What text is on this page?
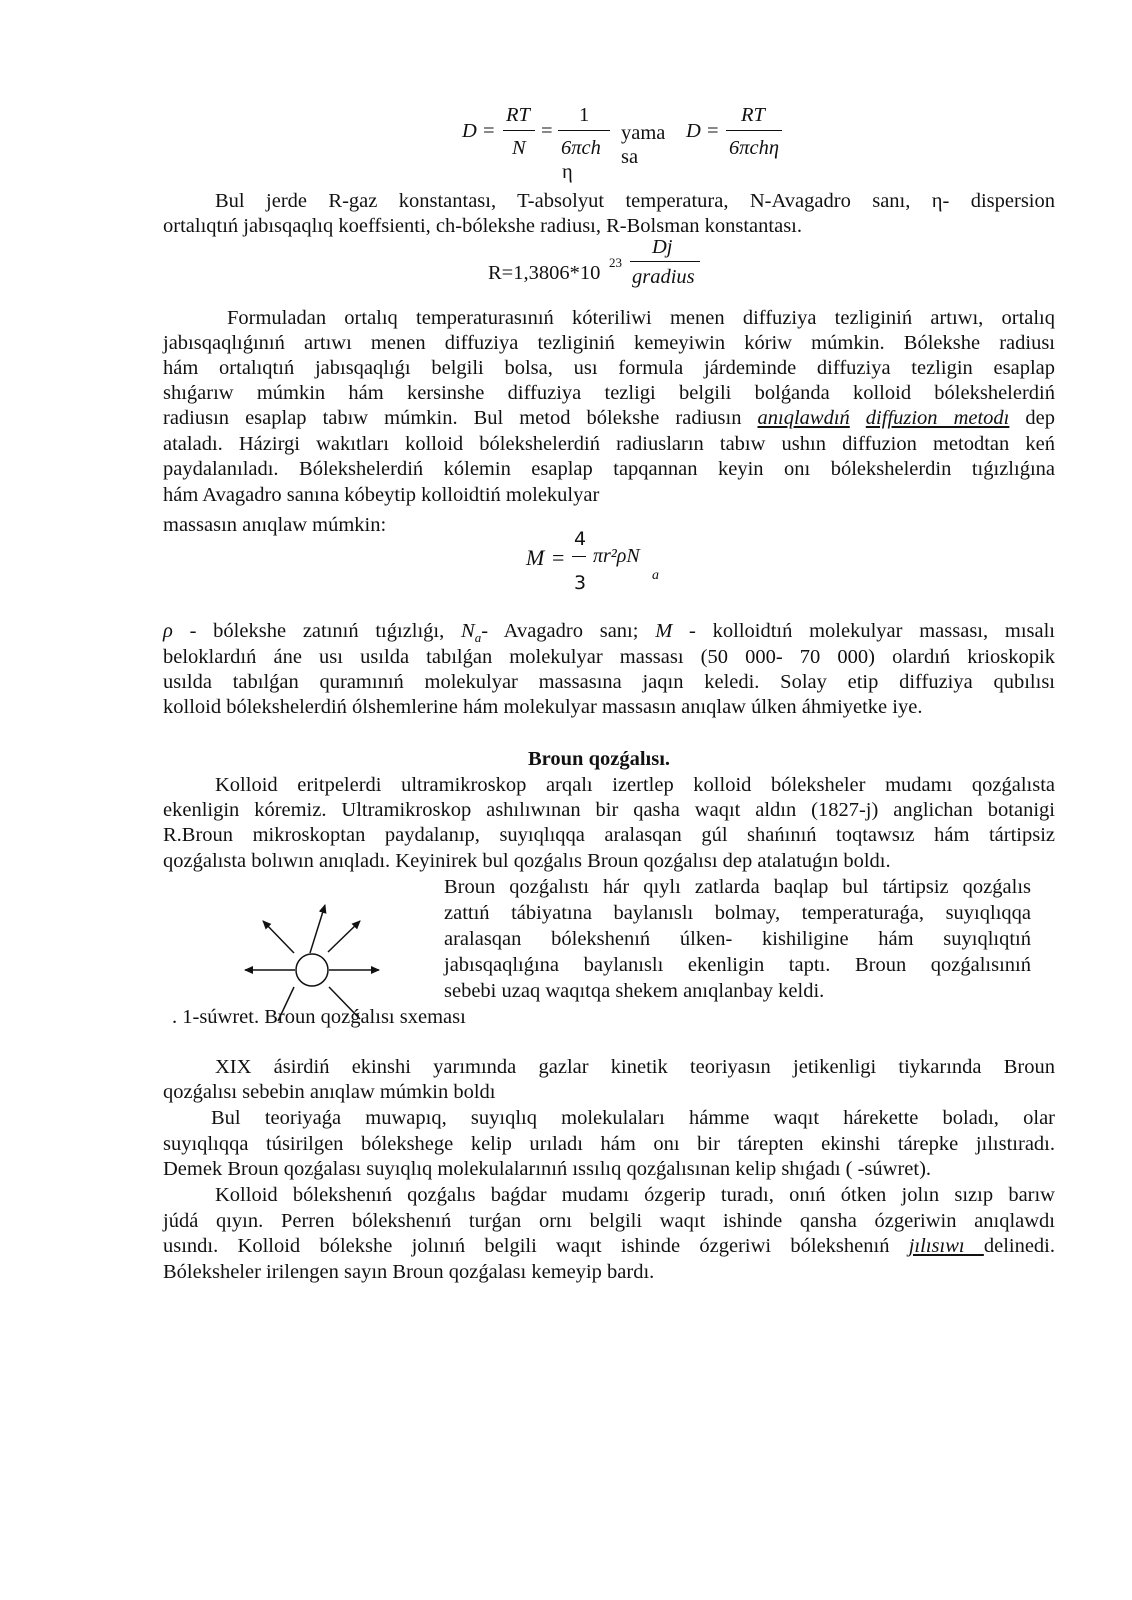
D =
RT
N
=
1
6πch
η
yama
sa
D =
RT
6πchη
Bul jerde R-gaz konstantası, T-absolyut temperatura, N-Avagadro sanı, η- dispersion
ortalıqtıń jabısqaqlıq koeffsienti, ch-bólekshe radiusı, R-Bolsman konstantası.
R=1,3806*10 23
Dj
gradius
Formuladan ortalıq temperaturasınıń kóteriliwi menen diffuziya tezliginiń artıwı, ortalıq
jabısqaqlıǵınıń artıwı menen diffuziya tezliginiń kemeyiwin kóriw múmkin. Bólekshe radiusı
hám ortalıqtıń jabısqaqlıǵı belgili bolsa, usı formula járdeminde diffuziya tezligin esaplap
shıǵarıw múmkin hám kersinshe diffuziya tezligi belgili bolǵanda kolloid bólekshelerdiń
radiusın esaplap tabıw múmkin. Bul metod bólekshe radiusın anıqlawdıń diffuzion metodı dep
ataladı. Házirgi wakıtları kolloid bólekshelerdiń radiusların tabıw ushın diffuzion metodtan keń
paydalanıladı. Bólekshelerdiń kólemin esaplap tapqannan keyin onı bólekshelerdin tıǵızlıǵına
hám Avagadro sanına kóbeytip kolloidtiń molekulyar
massasın anıqlaw múmkin:
M =
4
3
πr²ρN
a
ρ - bólekshe zatınıń tıǵızlıǵı, $N_a-$ Avagadro sanı; M - kolloidtıń molekulyar massası, mısalı
beloklardıń áne usı usılda tabılǵan molekulyar massası (50 000- 70 000) olardıń krioskopik
usılda tabılǵan quramınıń molekulyar massasına jaqın keledi. Solay etip diffuziya qubılısı
kolloid bólekshelerdiń ólshemlerine hám molekulyar massasın anıqlaw úlken áhmiyetke iye.
Broun qozǵalısı.
Kolloid eritpelerdi ultramikroskop arqalı izertlep kolloid bóleksheler mudamı qozǵalısta
ekenligin kóremiz. Ultramikroskop ashılıwınan bir qasha waqıt aldın (1827-j) anglichan botanigi
R.Broun mikroskoptan paydalanıp, suyıqlıqqa aralasqan gúl shańınıń toqtawsız hám tártipsiz
qozǵalısta bolıwın anıqladı. Keyinirek bul qozǵalıs Broun qozǵalısı dep atalatuǵın boldı.
Broun qozǵalıstı hár qıylı zatlarda baqlap bul tártipsiz qozǵalıs
zattıń tábiyatına baylanıslı bolmay, temperaturaǵa, suyıqlıqqa
aralasqan bólekshenıń úlken- kishiligine hám suyıqlıqtıń
jabısqaqlıǵına baylanıslı ekenligin taptı. Broun qozǵalısınıń
sebebi uzaq waqıtqa shekem anıqlanbay keldi.
. 1-súwret. Broun qozǵalısı sxeması
XIX ásirdiń ekinshi yarımında gazlar kinetik teoriyasın jetikenligi tiykarında Broun
qozǵalısı sebebin anıqlaw múmkin boldı
Bul teoriyaǵa muwapıq, suyıqlıq molekulaları hámme waqıt hárekette boladı, olar
suyıqlıqqa túsirilgen bólekshege kelip urıladı hám onı bir tárepten ekinshi tárepke jılıstıradı.
Demek Broun qozǵalası suyıqlıq molekulalarınıń ıssılıq qozǵalısınan kelip shıǵadı ( -súwret).
Kolloid bólekshenıń qozǵalıs baǵdar mudamı ózgerip turadı, onıń ótken jolın sızıp barıw
júdá qıyın. Perren bólekshenıń turǵan ornı belgili waqıt ishinde qansha ózgeriwin anıqlawdı
usındı. Kolloid bólekshe jolınıń belgili waqıt ishinde ózgeriwi bólekshenıń jılısıwı delinedi.
Bóleksheler irilengen sayın Broun qozǵalası kemeyip bardı.
